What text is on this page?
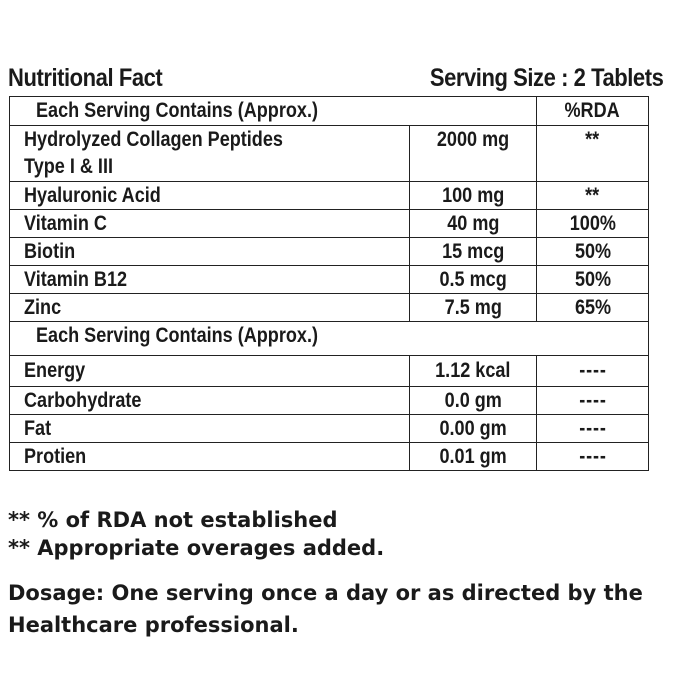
Nutritional Fact	Serving Size : 2 Tablets
Each Serving Contains (Approx.)		%RDA
Hydrolyzed Collagen Peptides
Type I & III	2000 mg	**
Hyaluronic Acid	100 mg	**
Vitamin C	40 mg	100%
Biotin	15 mcg	50%
Vitamin B12	0.5 mcg	50%
Zinc	7.5 mg	65%
Each Serving Contains (Approx.)		
Energy	1.12 kcal	----
Carbohydrate	0.0 gm	----
Fat	0.00 gm	----
Protien	0.01 gm	----
** % of RDA not established
** Appropriate overages added.
Dosage: One serving once a day or as directed by the
Healthcare professional.
